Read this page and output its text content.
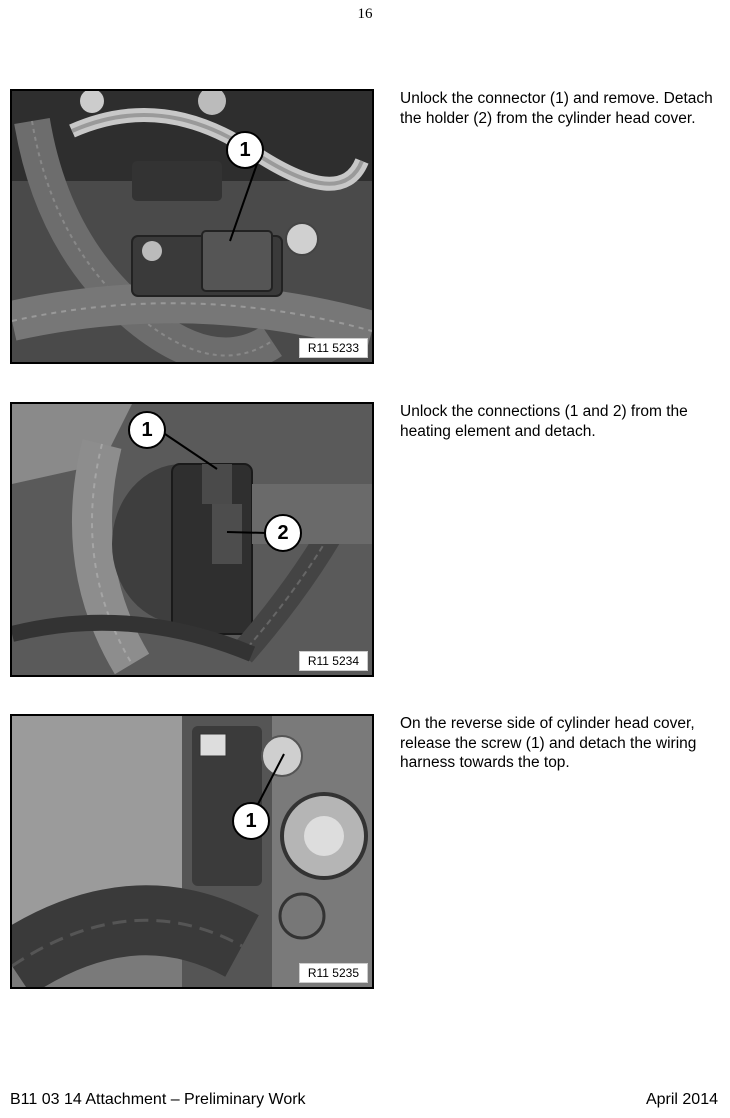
16
1
R11 5233
Unlock the connector (1) and remove. Detach the holder (2) from the cylinder head cover.
1
2
R11 5234
Unlock the connections (1 and 2) from the heating element and detach.
1
R11 5235
On the reverse side of cylinder head cover, release the screw (1) and detach the wiring harness towards the top.
B11 03 14 Attachment – Preliminary Work	April 2014
